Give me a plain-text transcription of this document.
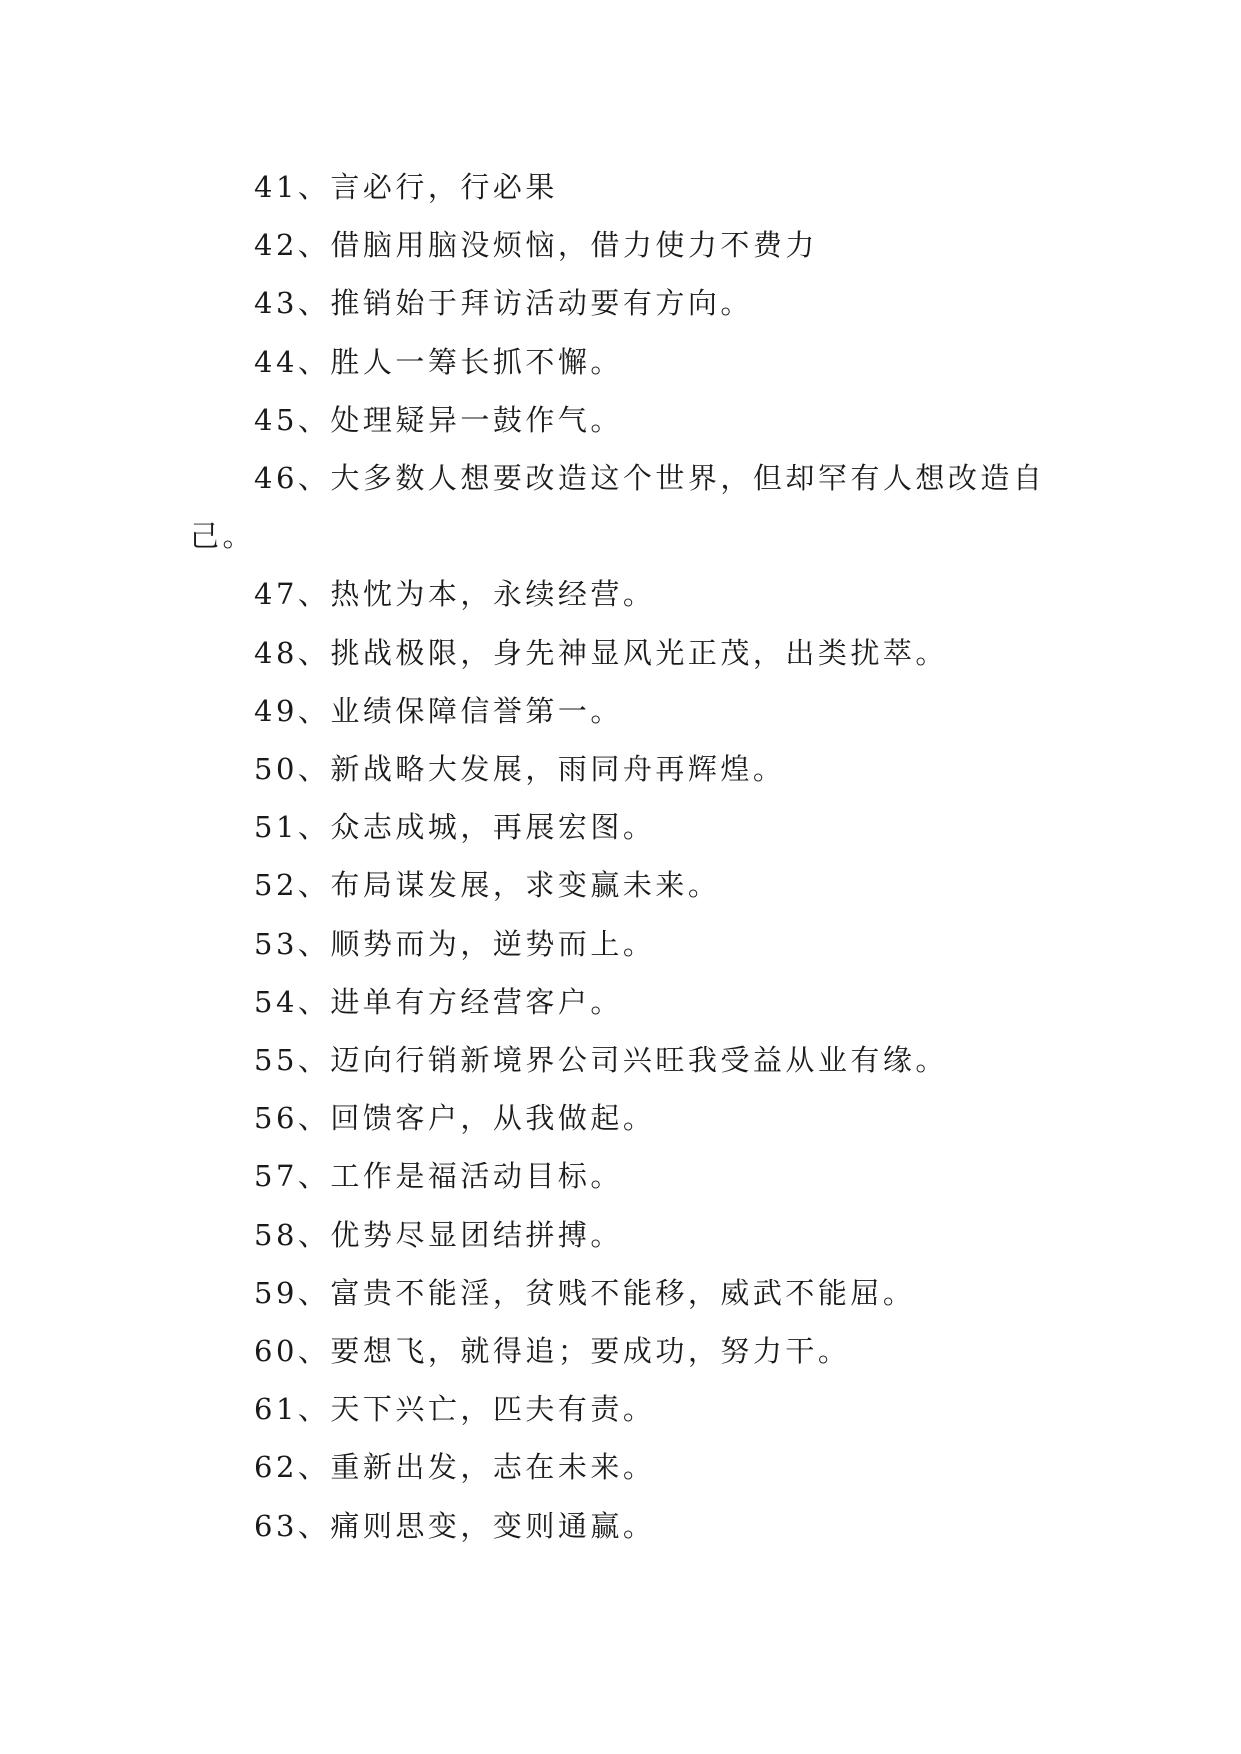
41、言必行，行必果

42、借脑用脑没烦恼，借力使力不费力

43、推销始于拜访活动要有方向。

44、胜人一筹长抓不懈。

45、处理疑异一鼓作气。

46、大多数人想要改造这个世界，但却罕有人想改造自己。

47、热忱为本，永续经营。

48、挑战极限，身先神显风光正茂，出类扰萃。

49、业绩保障信誉第一。

50、新战略大发展，雨同舟再辉煌。

51、众志成城，再展宏图。

52、布局谋发展，求变赢未来。

53、顺势而为，逆势而上。

54、进单有方经营客户。

55、迈向行销新境界公司兴旺我受益从业有缘。

56、回馈客户，从我做起。

57、工作是福活动目标。

58、优势尽显团结拼搏。

59、富贵不能淫，贫贱不能移，威武不能屈。

60、要想飞，就得追；要成功，努力干。

61、天下兴亡，匹夫有责。

62、重新出发，志在未来。

63、痛则思变，变则通赢。
